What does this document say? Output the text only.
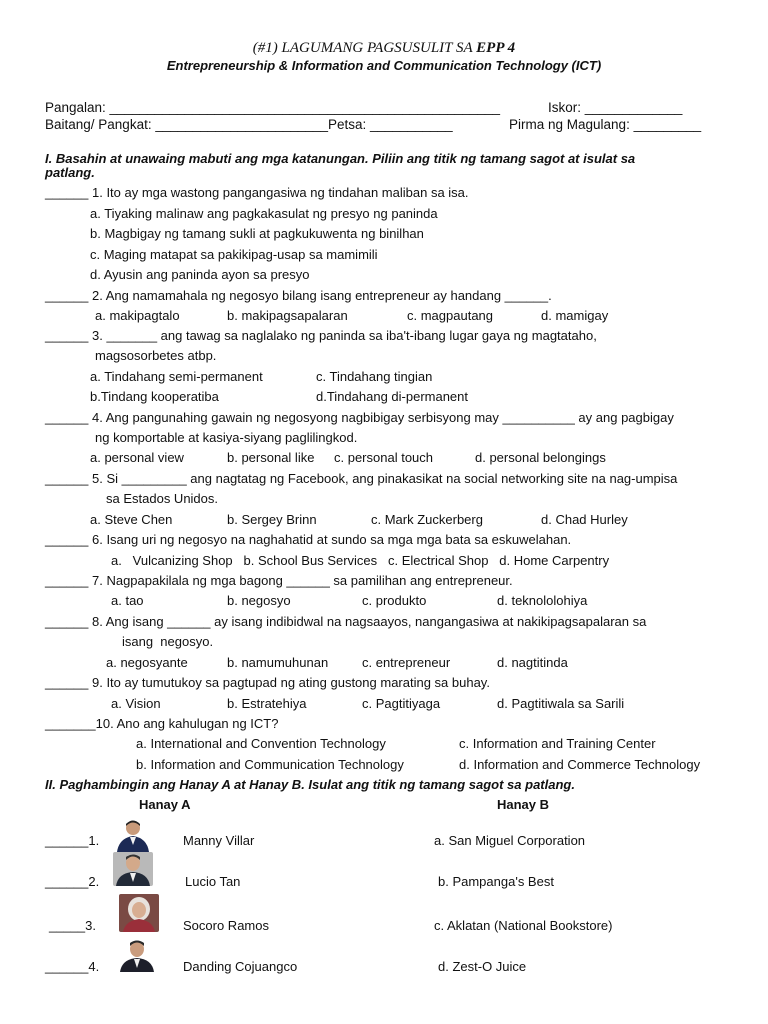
(#1) LAGUMANG PAGSUSULIT SA EPP 4
Entrepreneurship & Information and Communication Technology (ICT)
Pangalan: ____________________________________________________	Iskor: _____________
Baitang/ Pangkat: _______________________Petsa: ___________	Pirma ng Magulang: _________
I. Basahin at unawaing mabuti ang mga katanungan. Piliin ang titik ng tamang sagot at isulat sa
patlang.
______ 1. Ito ay mga wastong pangangasiwa ng tindahan maliban sa isa.
a. Tiyaking malinaw ang pagkakasulat ng presyo ng paninda
b. Magbigay ng tamang sukli at pagkukuwenta ng binilhan
c. Maging matapat sa pakikipag-usap sa mamimili
d. Ayusin ang paninda ayon sa presyo
______ 2. Ang namamahala ng negosyo bilang isang entrepreneur ay handang ______.
a. makipagtalo	b. makipagsapalaran	c. magpautang	d. mamigay
______ 3. _______ ang tawag sa naglalako ng paninda sa iba't-ibang lugar gaya ng magtataho,
magsosorbetes atbp.
a. Tindahang semi-permanent	c. Tindahang tingian
b.Tindang kooperatiba	d.Tindahang di-permanent
______ 4. Ang pangunahing gawain ng negosyong nagbibigay serbisyong may __________ ay ang pagbigay
ng komportable at kasiya-siyang paglilingkod.
a. personal view	b. personal like c. personal touch	d. personal belongings
______ 5. Si _________ ang nagtatag ng Facebook, ang pinakasikat na social networking site na nag-umpisa
sa Estados Unidos.
a. Steve Chen	b. Sergey Brinn	c. Mark Zuckerberg	d. Chad Hurley
______ 6. Isang uri ng negosyo na naghahatid at sundo sa mga mga bata sa eskuwelahan.
a.   Vulcanizing Shop   b. School Bus Services   c. Electrical Shop   d. Home Carpentry
______ 7. Nagpapakilala ng mga bagong ______ sa pamilihan ang entrepreneur.
a. tao	b. negosyo	c. produkto	d. teknololohiya
______ 8. Ang isang ______ ay isang indibidwal na nagsaayos, nangangasiwa at nakikipagsapalaran sa
isang  negosyo.
a. negosyante	b. namumuhunan	c. entrepreneur	d. nagtitinda
______ 9. Ito ay tumutukoy sa pagtupad ng ating gustong marating sa buhay.
a. Vision	b. Estratehiya	c. Pagtitiyaga	d. Pagtitiwala sa Sarili
_______10. Ano ang kahulugan ng ICT?
a. International and Convention Technology	c. Information and Training Center
b. Information and Communication Technology	d. Information and Commerce Technology
II. Paghambingin ang Hanay A at Hanay B. Isulat ang titik ng tamang sagot sa patlang.
Hanay A	Hanay B
______1.	Manny Villar	a. San Miguel Corporation
______2.	Lucio Tan	b. Pampanga's Best
_____3.	Socoro Ramos	c. Aklatan (National Bookstore)
______4.	Danding Cojuangco	d. Zest-O Juice
